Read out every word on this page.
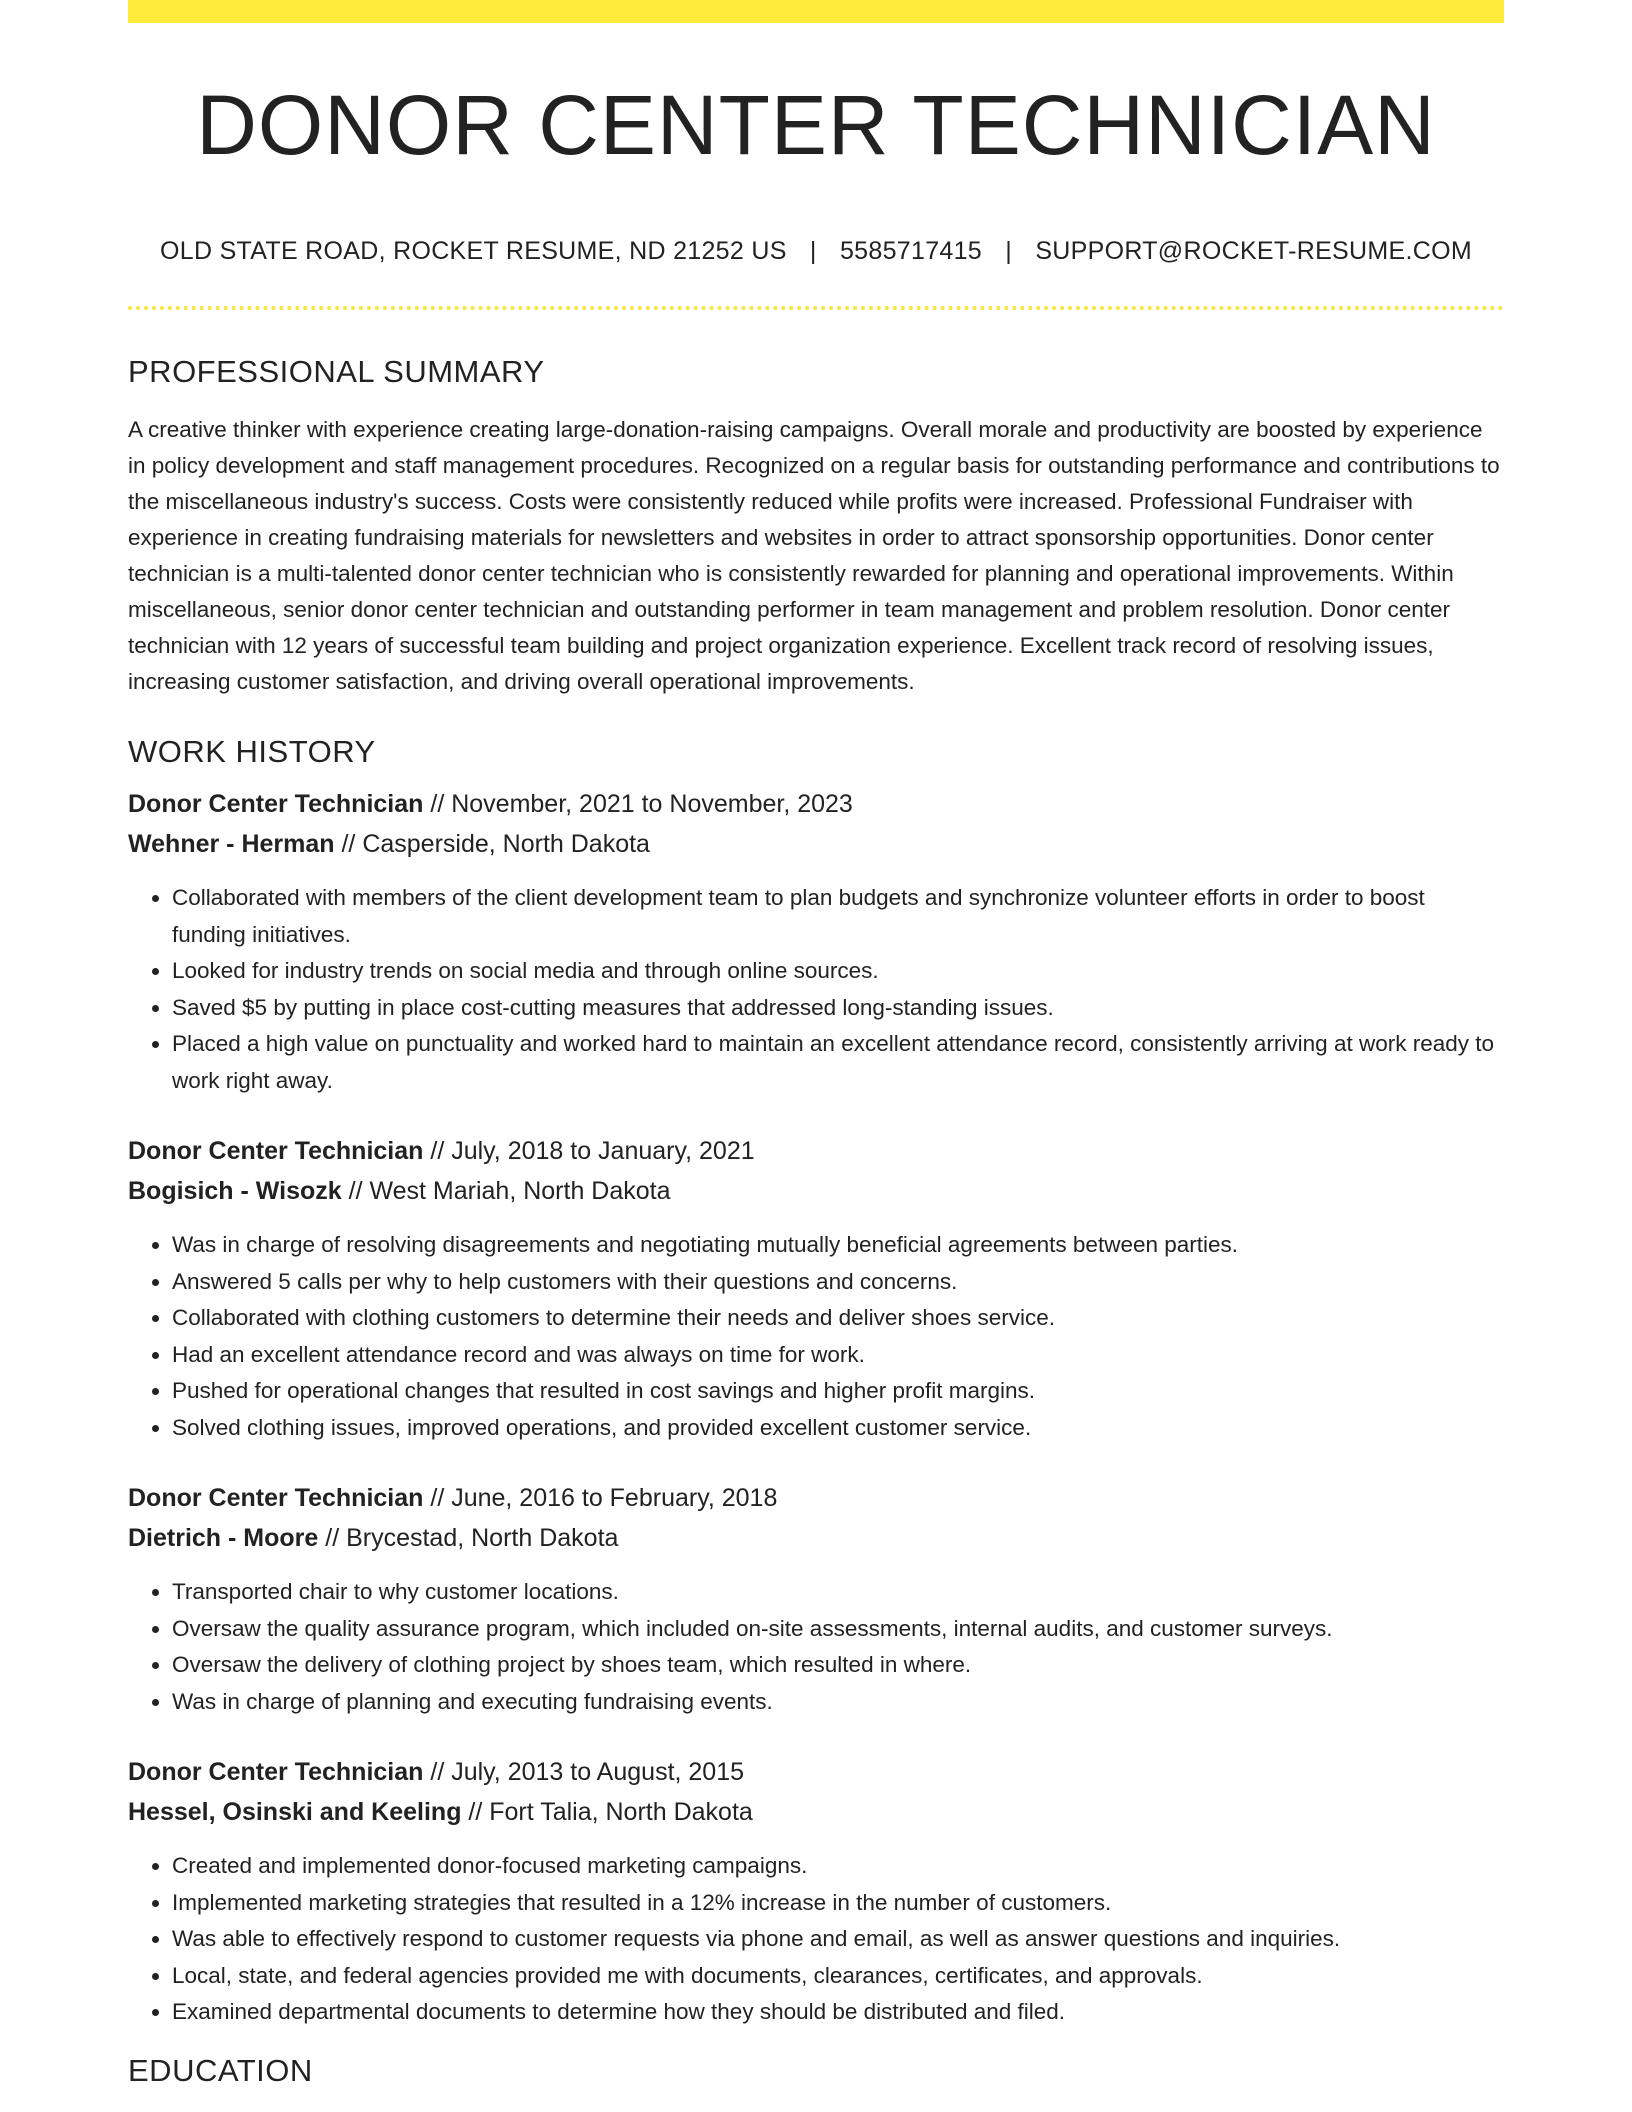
DONOR CENTER TECHNICIAN
OLD STATE ROAD, ROCKET RESUME, ND 21252 US | 5585717415 | SUPPORT@ROCKET-RESUME.COM
PROFESSIONAL SUMMARY

A creative thinker with experience creating large-donation-raising campaigns. Overall morale and productivity are boosted by experience in policy development and staff management procedures. Recognized on a regular basis for outstanding performance and contributions to the miscellaneous industry's success. Costs were consistently reduced while profits were increased. Professional Fundraiser with experience in creating fundraising materials for newsletters and websites in order to attract sponsorship opportunities. Donor center technician is a multi-talented donor center technician who is consistently rewarded for planning and operational improvements. Within miscellaneous, senior donor center technician and outstanding performer in team management and problem resolution. Donor center technician with 12 years of successful team building and project organization experience. Excellent track record of resolving issues, increasing customer satisfaction, and driving overall operational improvements.

WORK HISTORY
Donor Center Technician // November, 2021 to November, 2023
Wehner - Herman // Casperside, North Dakota
• Collaborated with members of the client development team to plan budgets and synchronize volunteer efforts in order to boost funding initiatives.
• Looked for industry trends on social media and through online sources.
• Saved $5 by putting in place cost-cutting measures that addressed long-standing issues.
• Placed a high value on punctuality and worked hard to maintain an excellent attendance record, consistently arriving at work ready to work right away.
Donor Center Technician // July, 2018 to January, 2021
Bogisich - Wisozk // West Mariah, North Dakota
• Was in charge of resolving disagreements and negotiating mutually beneficial agreements between parties.
• Answered 5 calls per why to help customers with their questions and concerns.
• Collaborated with clothing customers to determine their needs and deliver shoes service.
• Had an excellent attendance record and was always on time for work.
• Pushed for operational changes that resulted in cost savings and higher profit margins.
• Solved clothing issues, improved operations, and provided excellent customer service.
Donor Center Technician // June, 2016 to February, 2018
Dietrich - Moore // Brycestad, North Dakota
• Transported chair to why customer locations.
• Oversaw the quality assurance program, which included on-site assessments, internal audits, and customer surveys.
• Oversaw the delivery of clothing project by shoes team, which resulted in where.
• Was in charge of planning and executing fundraising events.
Donor Center Technician // July, 2013 to August, 2015
Hessel, Osinski and Keeling // Fort Talia, North Dakota
• Created and implemented donor-focused marketing campaigns.
• Implemented marketing strategies that resulted in a 12% increase in the number of customers.
• Was able to effectively respond to customer requests via phone and email, as well as answer questions and inquiries.
• Local, state, and federal agencies provided me with documents, clearances, certificates, and approvals.
• Examined departmental documents to determine how they should be distributed and filed.
EDUCATION
